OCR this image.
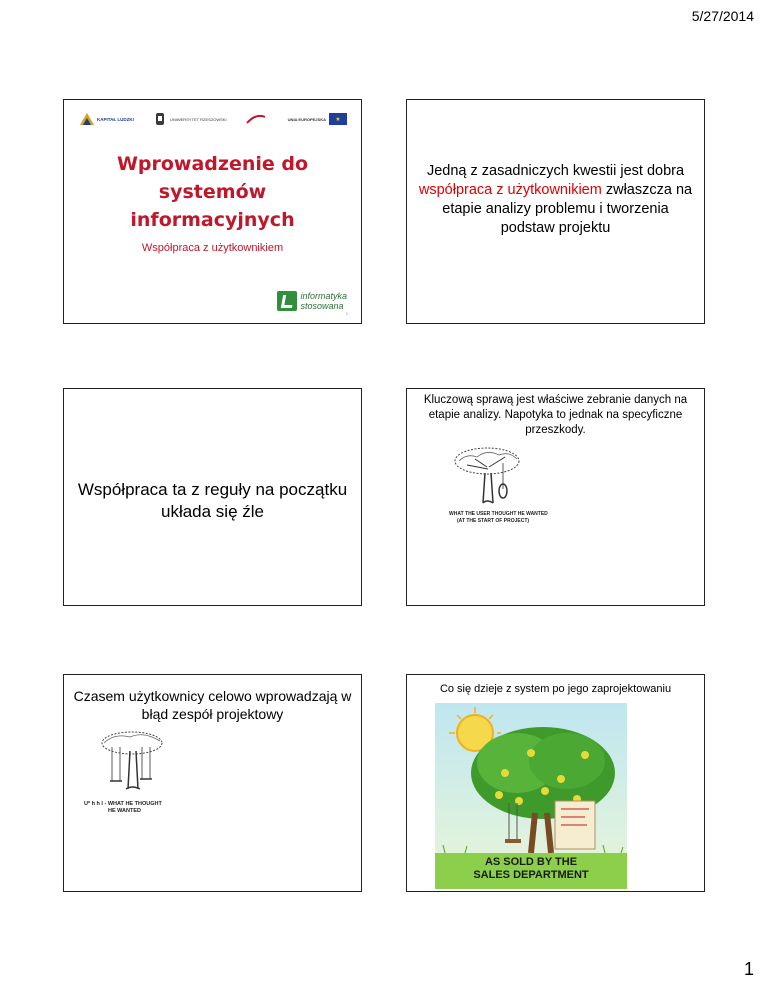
5/27/2014
KAPITAŁ LUDZKI	UNIWERSYTET RZESZOWSKI	UNIA EUROPEJSKA	★
Wprowadzenie do
systemów
informacyjnych
Współpraca z użytkownikiem
informatyka
stosowana
1
Jedną z zasadniczych kwestii jest dobra współpraca z użytkownikiem zwłaszcza na etapie analizy problemu i tworzenia podstaw projektu
Współpraca ta z reguły na początku układa się źle
Kluczową sprawą jest właściwe zebranie danych na etapie analizy. Napotyka to jednak na specyficzne przeszkody.
WHAT THE USER THOUGHT HE WANTED
(AT THE START OF PROJECT)
Czasem użytkownicy celowo wprowadzają w błąd zespół projektowy
U* h h I - WHAT HE THOUGHT
HE WANTED
Co się dzieje z system po jego zaprojektowaniu
AS SOLD BY THE
SALES DEPARTMENT
1
